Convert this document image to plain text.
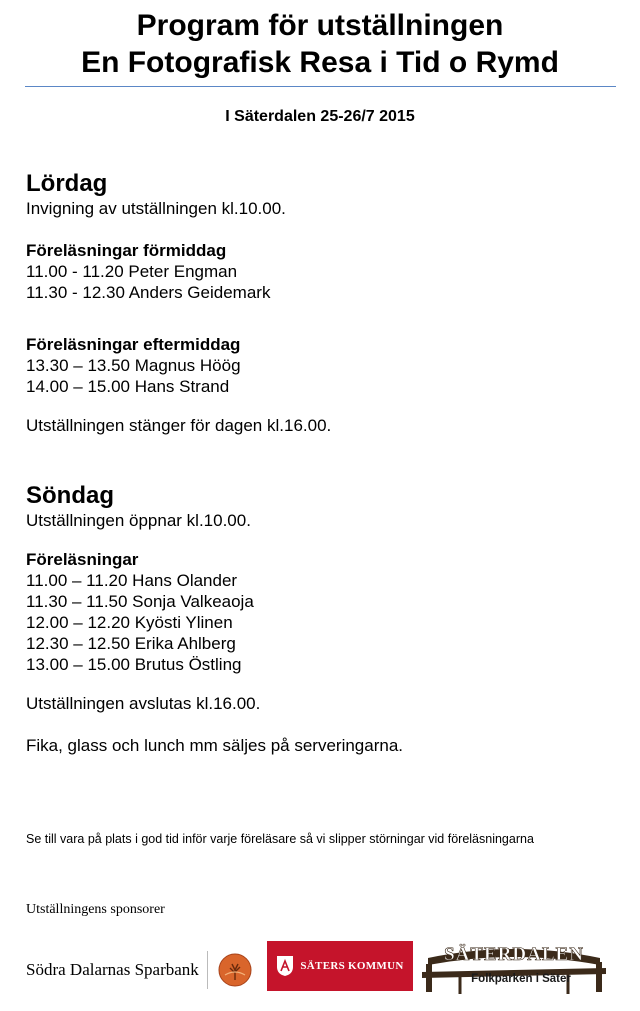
Program för utställningen
En Fotografisk Resa i Tid o Rymd
I Säterdalen 25-26/7 2015

Lördag

Invigning av utställningen kl.10.00.

Föreläsningar förmiddag

11.00 - 11.20 Peter Engman

11.30 - 12.30 Anders Geidemark

Föreläsningar eftermiddag

13.30 – 13.50 Magnus Höög

14.00 – 15.00 Hans Strand

Utställningen stänger för dagen kl.16.00.

Söndag

Utställningen öppnar kl.10.00.

Föreläsningar

11.00 – 11.20 Hans Olander

11.30 – 11.50 Sonja Valkeaoja

12.00 – 12.20 Kyösti Ylinen

12.30 – 12.50 Erika Ahlberg

13.00 – 15.00 Brutus Östling

Utställningen avslutas kl.16.00.

Fika, glass och lunch mm säljes på serveringarna.

Se till vara på plats i god tid inför varje föreläsare så vi slipper störningar vid föreläsningarna
Utställningens sponsorer
Södra Dalarnas Sparbank	SÄTERS KOMMUN
SÄTERDALEN
Folkparken i Säter
